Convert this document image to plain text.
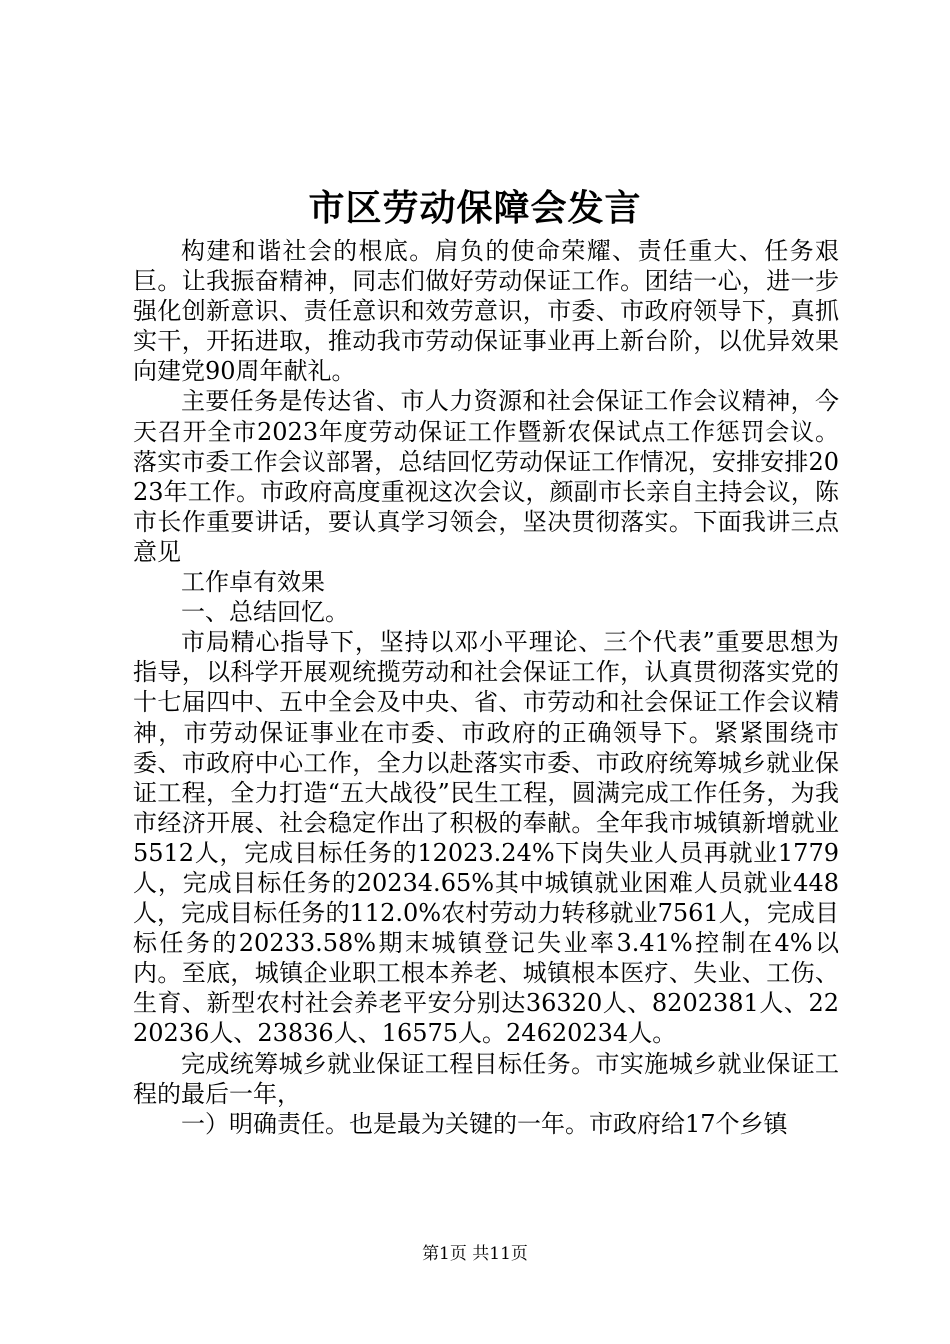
市区劳动保障会发言

构建和谐社会的根底。肩负的使命荣耀、责任重大、任务艰巨。让我振奋精神，同志们做好劳动保证工作。团结一心，进一步强化创新意识、责任意识和效劳意识，市委、市政府领导下，真抓实干，开拓进取，推动我市劳动保证事业再上新台阶，以优异效果向建党90周年献礼。

主要任务是传达省、市人力资源和社会保证工作会议精神，今天召开全市2023年度劳动保证工作暨新农保试点工作惩罚会议。落实市委工作会议部署，总结回忆劳动保证工作情况，安排安排2023年工作。市政府高度重视这次会议，颜副市长亲自主持会议，陈市长作重要讲话，要认真学习领会，坚决贯彻落实。下面我讲三点意见

工作卓有效果

一、总结回忆。

市局精心指导下，坚持以邓小平理论、三个代表”重要思想为指导，以科学开展观统揽劳动和社会保证工作，认真贯彻落实党的十七届四中、五中全会及中央、省、市劳动和社会保证工作会议精神，市劳动保证事业在市委、市政府的正确领导下。紧紧围绕市委、市政府中心工作，全力以赴落实市委、市政府统筹城乡就业保证工程，全力打造“五大战役”民生工程，圆满完成工作任务，为我市经济开展、社会稳定作出了积极的奉献。全年我市城镇新增就业5512人，完成目标任务的12023.24%下岗失业人员再就业1779人，完成目标任务的20234.65%其中城镇就业困难人员就业448人，完成目标任务的112.0%农村劳动力转移就业7561人，完成目标任务的20233.58%期末城镇登记失业率3.41%控制在4%以内。至底，城镇企业职工根本养老、城镇根本医疗、失业、工伤、生育、新型农村社会养老平安分别达36320人、8202381人、2220236人、23836人、16575人。24620234人。

完成统筹城乡就业保证工程目标任务。市实施城乡就业保证工程的最后一年，

一）明确责任。也是最为关键的一年。市政府给17个乡镇

第1页 共11页
